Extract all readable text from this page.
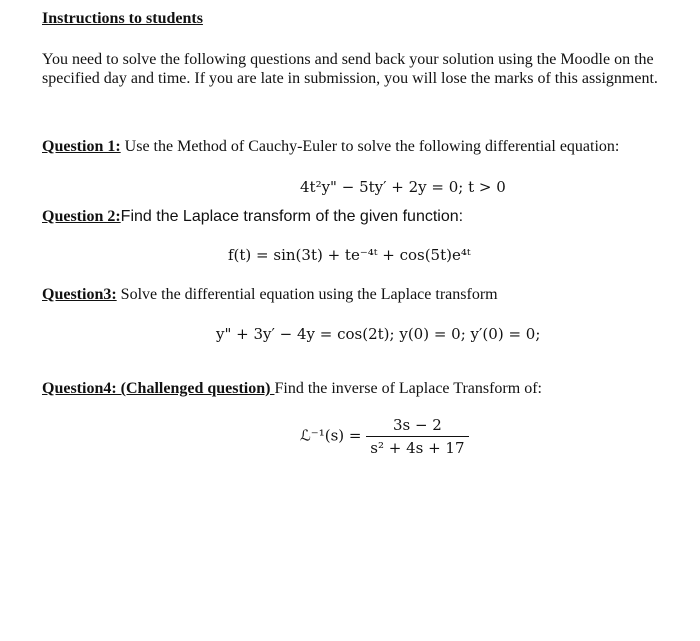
Instructions to students
You need to solve the following questions and send back your solution using the Moodle on the specified day and time. If you are late in submission, you will lose the marks of this assignment.
Question 1: Use the Method of Cauchy-Euler to solve the following differential equation:
4t²y" − 5ty′ + 2y = 0; t > 0
Question 2:Find the Laplace transform of the given function:
f(t) = sin(3t) + te⁻⁴ᵗ + cos(5t)e⁴ᵗ
Question3: Solve the differential equation using the Laplace transform
y" + 3y′ − 4y = cos(2t); y(0) = 0; y′(0) = 0;
Question4: (Challenged question) Find the inverse of Laplace Transform of:
ℒ⁻¹(s) = $\frac{3s - 2}{\text{s² + 4s + 17}}$
